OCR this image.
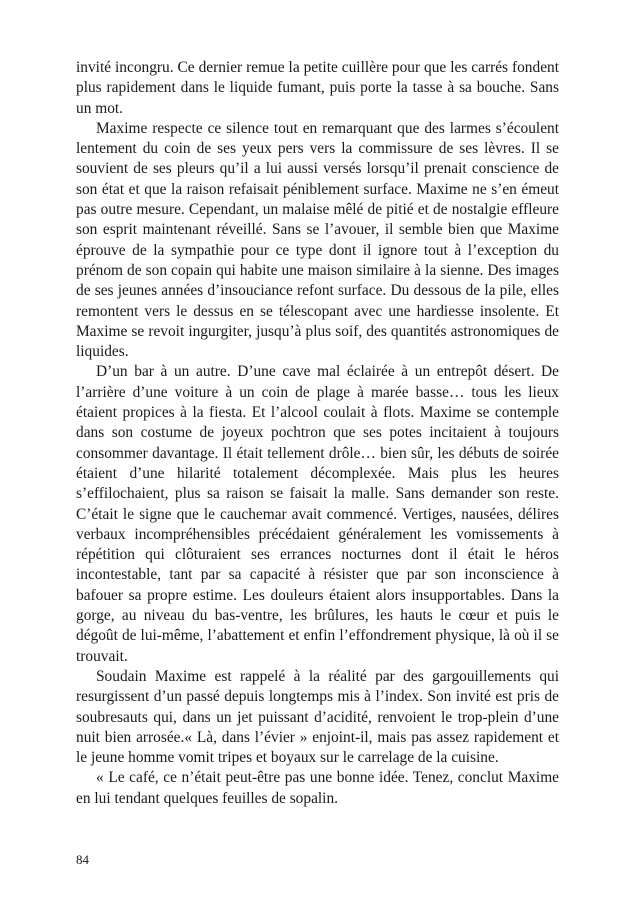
invité incongru. Ce dernier remue la petite cuillère pour que les carrés fondent plus rapidement dans le liquide fumant, puis porte la tasse à sa bouche. Sans un mot.

Maxime respecte ce silence tout en remarquant que des larmes s’écoulent lentement du coin de ses yeux pers vers la commissure de ses lèvres. Il se souvient de ses pleurs qu’il a lui aussi versés lorsqu’il prenait conscience de son état et que la raison refaisait péniblement surface. Maxime ne s’en émeut pas outre mesure. Cependant, un malaise mêlé de pitié et de nostalgie effleure son esprit maintenant réveillé. Sans se l’avouer, il semble bien que Maxime éprouve de la sympathie pour ce type dont il ignore tout à l’exception du prénom de son copain qui habite une maison similaire à la sienne. Des images de ses jeunes années d’insouciance refont surface. Du dessous de la pile, elles remontent vers le dessus en se télescopant avec une hardiesse insolente. Et Maxime se revoit ingurgiter, jusqu’à plus soif, des quantités astronomiques de liquides.

D’un bar à un autre. D’une cave mal éclairée à un entrepôt désert. De l’arrière d’une voiture à un coin de plage à marée basse… tous les lieux étaient propices à la fiesta. Et l’alcool coulait à flots. Maxime se contemple dans son costume de joyeux pochtron que ses potes incitaient à toujours consommer davantage. Il était tellement drôle… bien sûr, les débuts de soirée étaient d’une hilarité totalement décomplexée. Mais plus les heures s’effilochaient, plus sa raison se faisait la malle. Sans demander son reste. C’était le signe que le cauchemar avait commencé. Vertiges, nausées, délires verbaux incompréhensibles précédaient généralement les vomissements à répétition qui clôturaient ses errances nocturnes dont il était le héros incontestable, tant par sa capacité à résister que par son inconscience à bafouer sa propre estime. Les douleurs étaient alors insupportables. Dans la gorge, au niveau du bas-ventre, les brûlures, les hauts le cœur et puis le dégoût de lui-même, l’abattement et enfin l’effondrement physique, là où il se trouvait.

Soudain Maxime est rappelé à la réalité par des gargouillements qui resurgissent d’un passé depuis longtemps mis à l’index. Son invité est pris de soubresauts qui, dans un jet puissant d’acidité, renvoient le trop-plein d’une nuit bien arrosée.« Là, dans l’évier » enjoint-il, mais pas assez rapidement et le jeune homme vomit tripes et boyaux sur le carrelage de la cuisine.

« Le café, ce n’était peut-être pas une bonne idée. Tenez, conclut Maxime en lui tendant quelques feuilles de sopalin.

84
